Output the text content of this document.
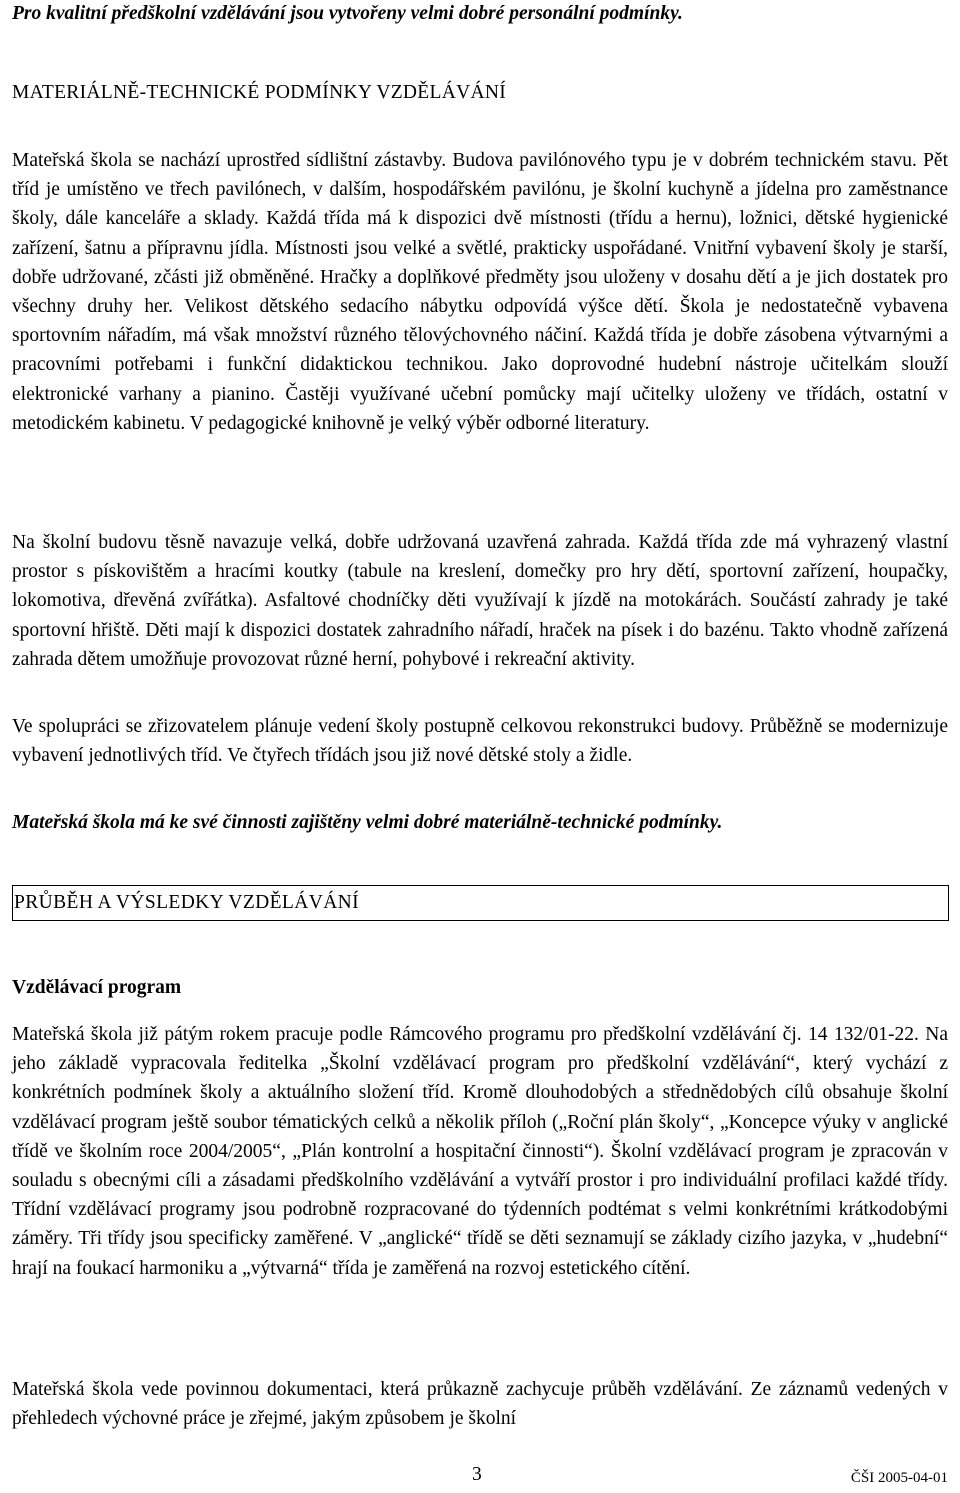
Pro kvalitní předškolní vzdělávání jsou vytvořeny velmi dobré personální podmínky.

MATERIÁLNĚ-TECHNICKÉ PODMÍNKY VZDĚLÁVÁNÍ

Mateřská škola se nachází uprostřed sídlištní zástavby. Budova pavilónového typu je v dobrém technickém stavu. Pět tříd je umístěno ve třech pavilónech, v dalším, hospodářském pavilónu, je školní kuchyně a jídelna pro zaměstnance školy, dále kanceláře a sklady. Každá třída má k dispozici dvě místnosti (třídu a hernu), ložnici, dětské hygienické zařízení, šatnu a přípravnu jídla. Místnosti jsou velké a světlé, prakticky uspořádané. Vnitřní vybavení školy je starší, dobře udržované, zčásti již obměněné. Hračky a doplňkové předměty jsou uloženy v dosahu dětí a je jich dostatek pro všechny druhy her. Velikost dětského sedacího nábytku odpovídá výšce dětí. Škola je nedostatečně vybavena sportovním nářadím, má však množství různého tělovýchovného náčiní. Každá třída je dobře zásobena výtvarnými a pracovními potřebami i funkční didaktickou technikou. Jako doprovodné hudební nástroje učitelkám slouží elektronické varhany a pianino. Častěji využívané učební pomůcky mají učitelky uloženy ve třídách, ostatní v metodickém kabinetu. V pedagogické knihovně je velký výběr odborné literatury.

Na školní budovu těsně navazuje velká, dobře udržovaná uzavřená zahrada. Každá třída zde má vyhrazený vlastní prostor s pískovištěm a hracími koutky (tabule na kreslení, domečky pro hry dětí, sportovní zařízení, houpačky, lokomotiva, dřevěná zvířátka). Asfaltové chodníčky děti využívají k jízdě na motokárách. Součástí zahrady je také sportovní hřiště. Děti mají k dispozici dostatek zahradního nářadí, hraček na písek i do bazénu. Takto vhodně zařízená zahrada dětem umožňuje provozovat různé herní, pohybové i rekreační aktivity.

Ve spolupráci se zřizovatelem plánuje vedení školy postupně celkovou rekonstrukci budovy. Průběžně se modernizuje vybavení jednotlivých tříd. Ve čtyřech třídách jsou již nové dětské stoly a židle.

Mateřská škola má ke své činnosti zajištěny velmi dobré materiálně-technické podmínky.

PRŮBĚH A VÝSLEDKY VZDĚLÁVÁNÍ

Vzdělávací program

Mateřská škola již pátým rokem pracuje podle Rámcového programu pro předškolní vzdělávání čj. 14 132/01-22. Na jeho základě vypracovala ředitelka „Školní vzdělávací program pro předškolní vzdělávání“, který vychází z konkrétních podmínek školy a aktuálního složení tříd. Kromě dlouhodobých a střednědobých cílů obsahuje školní vzdělávací program ještě soubor tématických celků a několik příloh („Roční plán školy“, „Koncepce výuky v anglické třídě ve školním roce 2004/2005“, „Plán kontrolní a hospitační činnosti“). Školní vzdělávací program je zpracován v souladu s obecnými cíli a zásadami předškolního vzdělávání a vytváří prostor i pro individuální profilaci každé třídy. Třídní vzdělávací programy jsou podrobně rozpracované do týdenních podtémat s velmi konkrétními krátkodobými záměry. Tři třídy jsou specificky zaměřené. V „anglické“ třídě se děti seznamují se základy cizího jazyka, v „hudební“ hrají na foukací harmoniku a „výtvarná“ třída je zaměřená na rozvoj estetického cítění.

Mateřská škola vede povinnou dokumentaci, která průkazně zachycuje průběh vzdělávání. Ze záznamů vedených v přehledech výchovné práce je zřejmé, jakým způsobem je školní

3	ČŠI 2005-04-01
